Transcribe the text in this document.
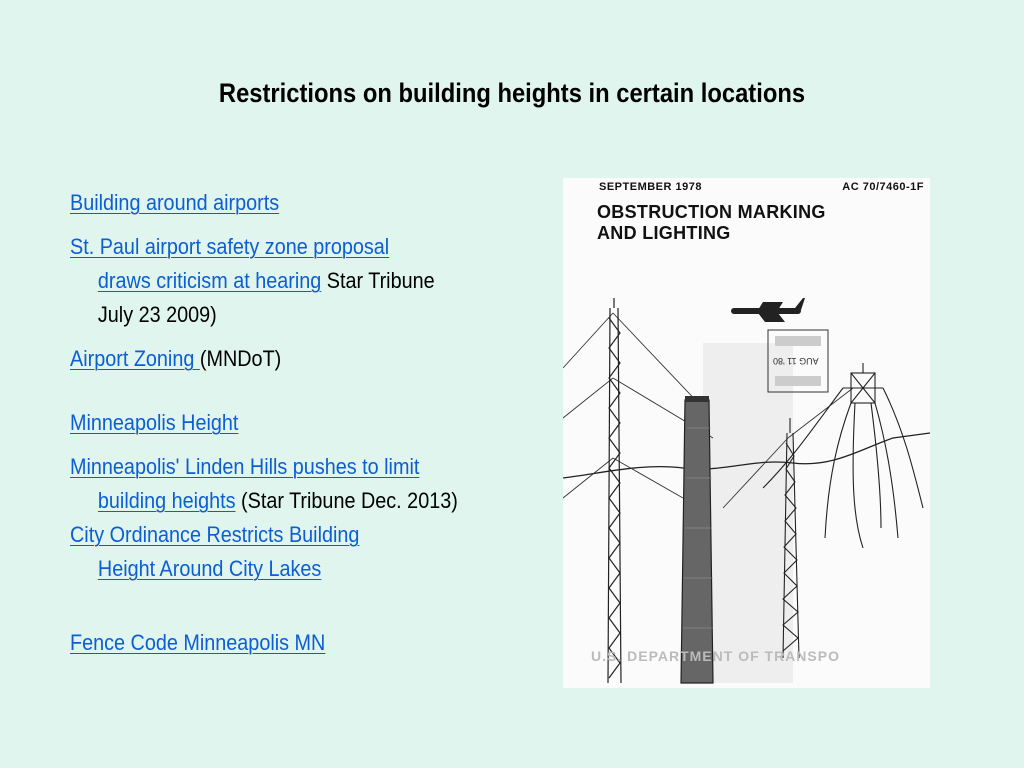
Restrictions on building heights in certain locations
Building around airports
St. Paul airport safety zone proposal
draws criticism at hearing Star Tribune
July 23 2009)
Airport Zoning (MNDoT)
Minneapolis Height
Minneapolis' Linden Hills pushes to limit
building heights (Star Tribune Dec. 2013)
City Ordinance Restricts Building
Height Around City Lakes
Fence Code Minneapolis MN
SEPTEMBER 1978	AC 70/7460-1F
OBSTRUCTION MARKING
AND LIGHTING
AUG 11 '80
U.S. DEPARTMENT OF TRANSPO
